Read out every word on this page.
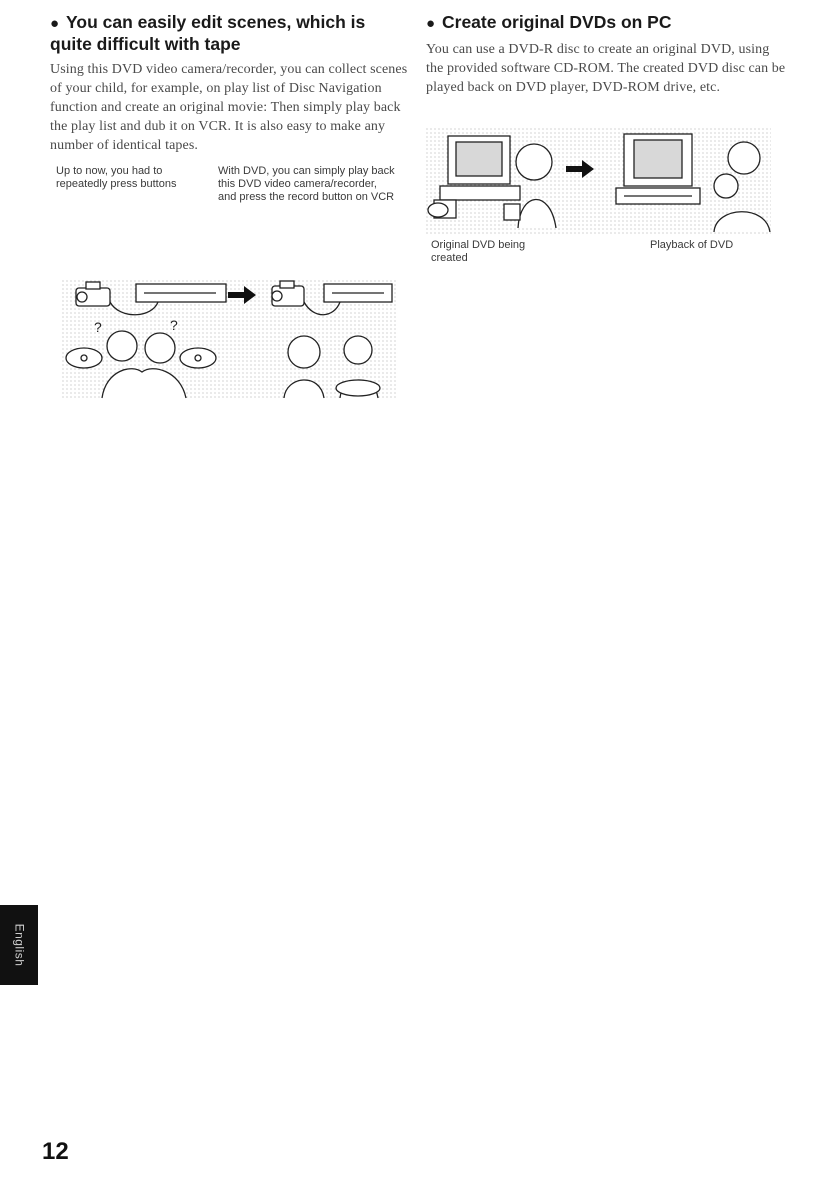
● You can easily edit scenes, which is quite difficult with tape

Using this DVD video camera/recorder, you can collect scenes of your child, for example, on play list of Disc Navigation function and create an original movie: Then simply play back the play list and dub it on VCR. It is also easy to make any number of identical tapes.

Up to now, you had to repeatedly press buttons
With DVD, you can simply play back this DVD video camera/recorder, and press the record button on VCR
?	?
● Create original DVDs on PC

You can use a DVD-R disc to create an original DVD, using the provided software CD-ROM. The created DVD disc can be played back on DVD player, DVD-ROM drive, etc.

Original DVD being created
Playback of DVD
English
12
